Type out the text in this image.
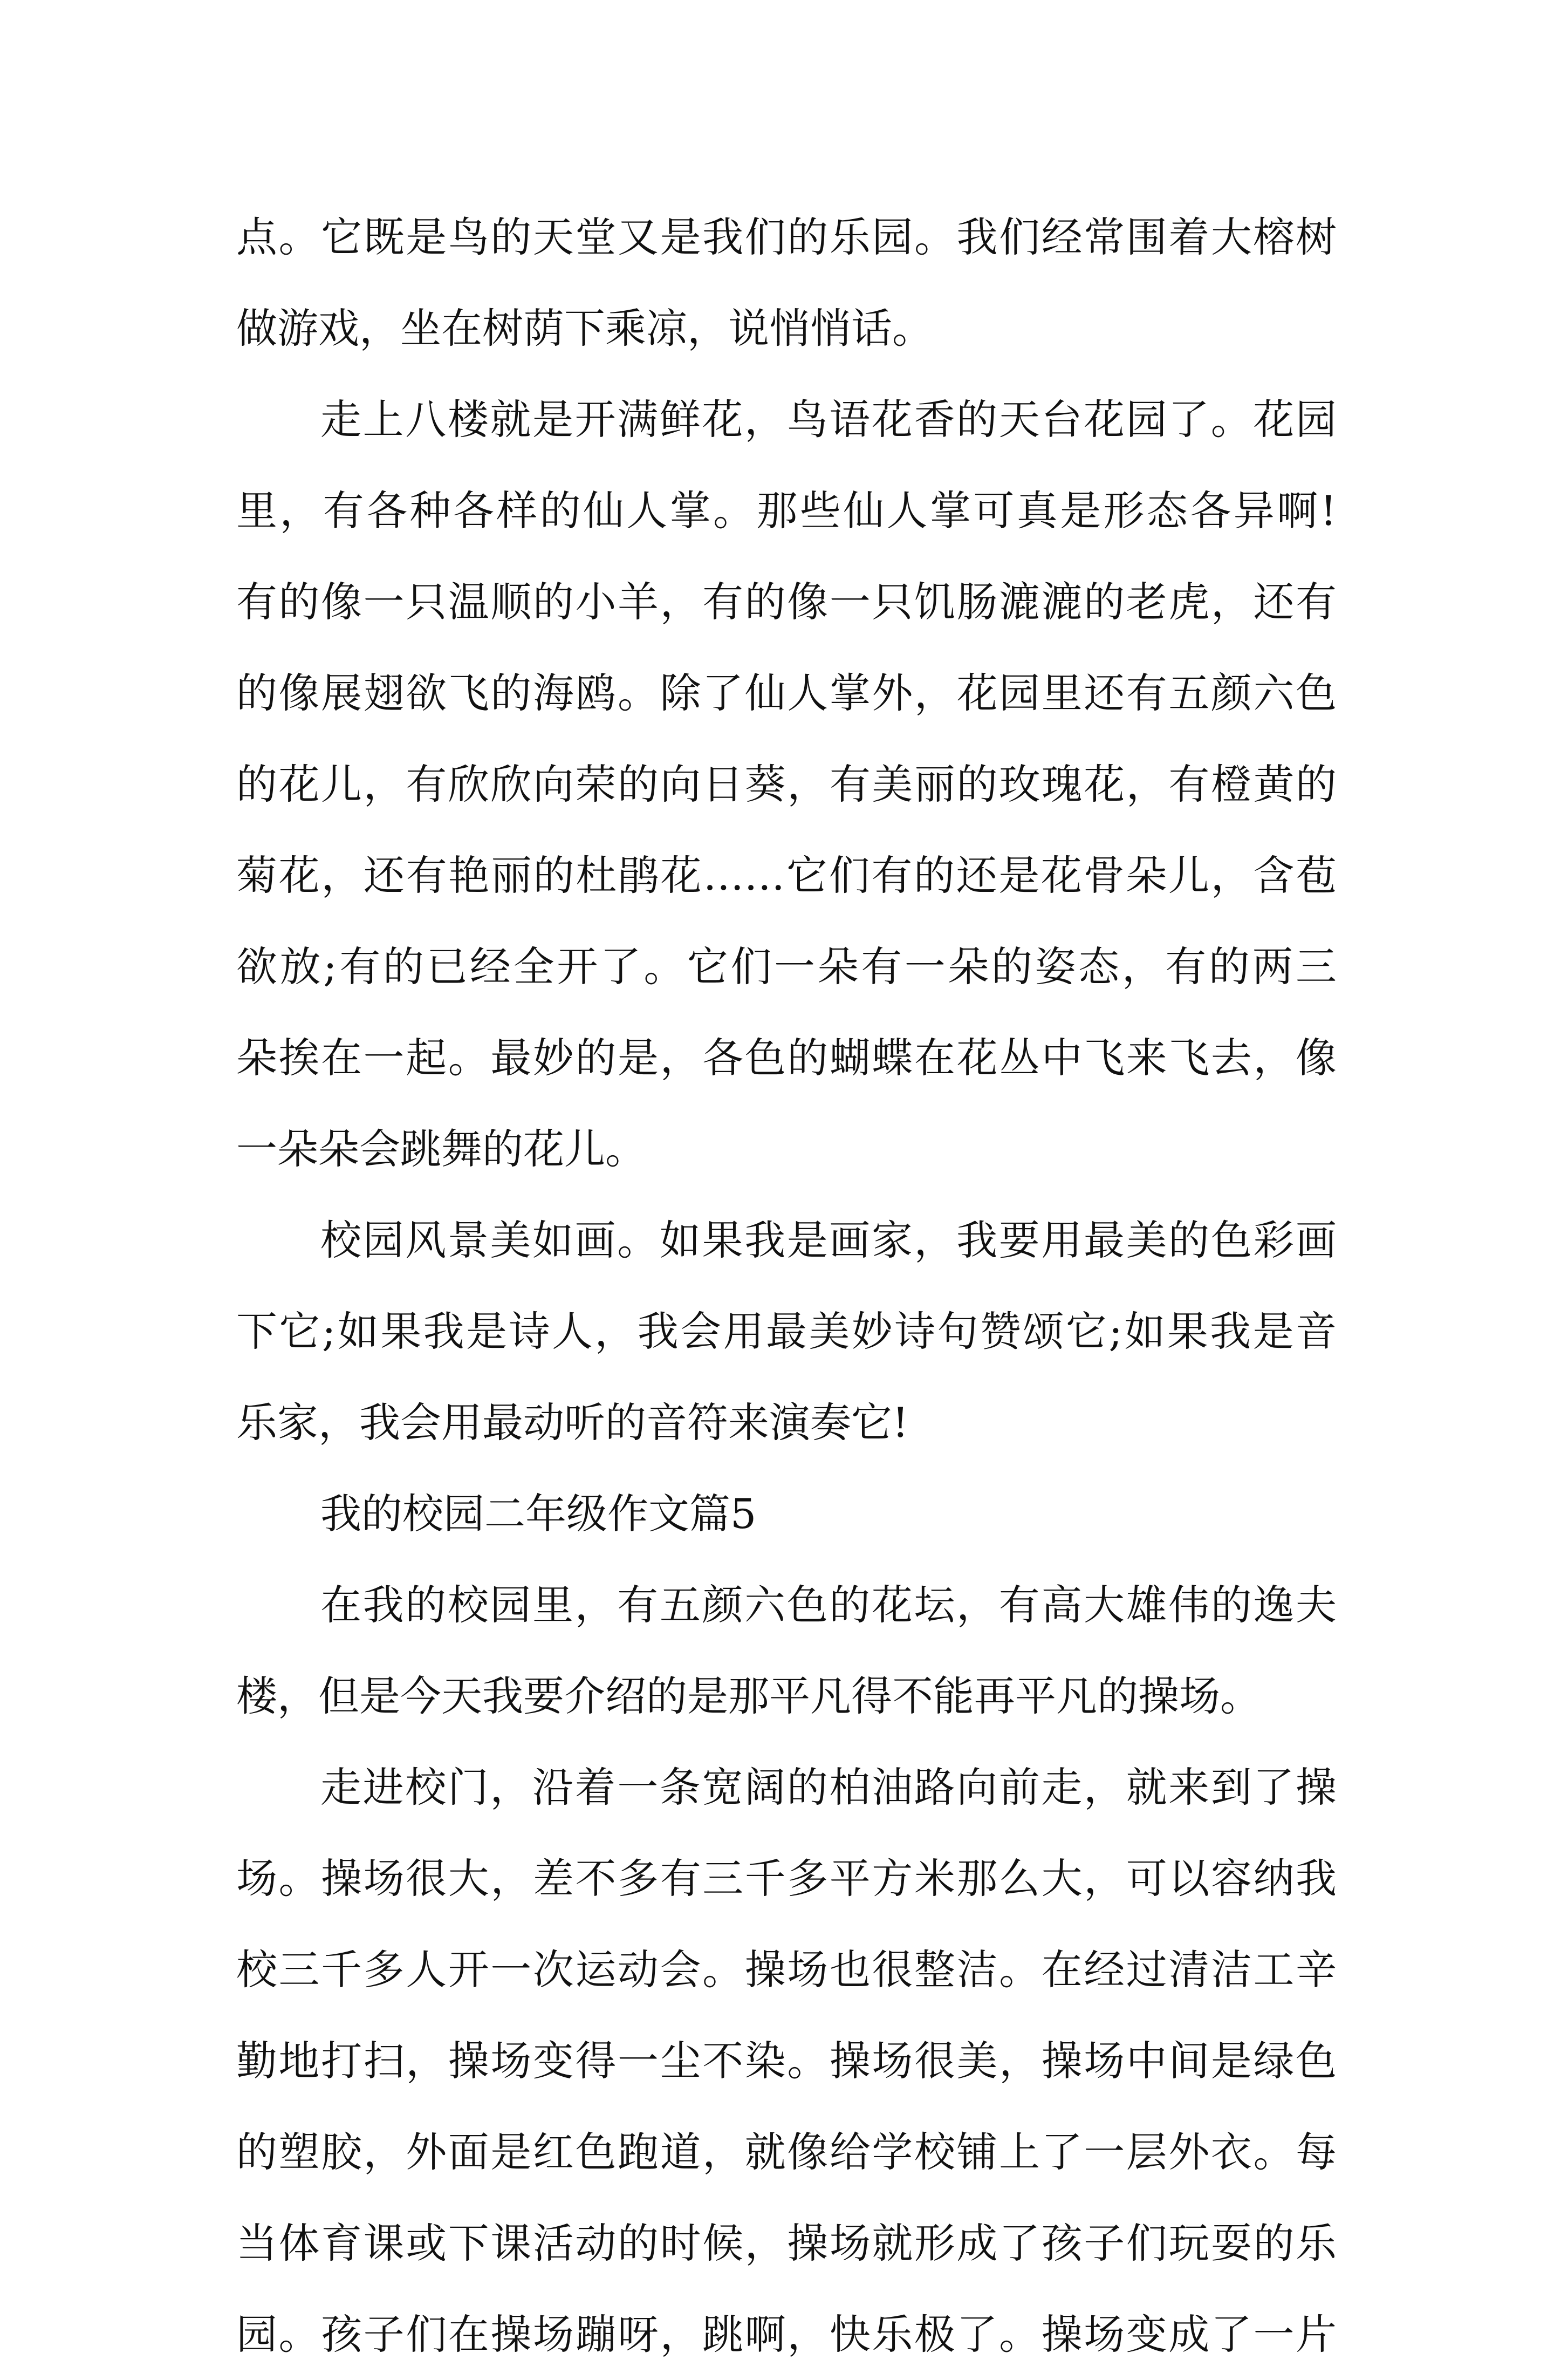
点。它既是鸟的天堂又是我们的乐园。我们经常围着大榕树
做游戏，坐在树荫下乘凉，说悄悄话。
走上八楼就是开满鲜花，鸟语花香的天台花园了。花园
里，有各种各样的仙人掌。那些仙人掌可真是形态各异啊!
有的像一只温顺的小羊，有的像一只饥肠漉漉的老虎，还有
的像展翅欲飞的海鸥。除了仙人掌外，花园里还有五颜六色
的花儿，有欣欣向荣的向日葵，有美丽的玫瑰花，有橙黄的
菊花，还有艳丽的杜鹃花……它们有的还是花骨朵儿，含苞
欲放;有的已经全开了。它们一朵有一朵的姿态，有的两三
朵挨在一起。最妙的是，各色的蝴蝶在花丛中飞来飞去，像
一朵朵会跳舞的花儿。
校园风景美如画。如果我是画家，我要用最美的色彩画
下它;如果我是诗人，我会用最美妙诗句赞颂它;如果我是音
乐家，我会用最动听的音符来演奏它!
我的校园二年级作文篇5
在我的校园里，有五颜六色的花坛，有高大雄伟的逸夫
楼，但是今天我要介绍的是那平凡得不能再平凡的操场。
走进校门，沿着一条宽阔的柏油路向前走，就来到了操
场。操场很大，差不多有三千多平方米那么大，可以容纳我
校三千多人开一次运动会。操场也很整洁。在经过清洁工辛
勤地打扫，操场变得一尘不染。操场很美，操场中间是绿色
的塑胶，外面是红色跑道，就像给学校铺上了一层外衣。每
当体育课或下课活动的时候，操场就形成了孩子们玩耍的乐
园。孩子们在操场蹦呀，跳啊，快乐极了。操场变成了一片
